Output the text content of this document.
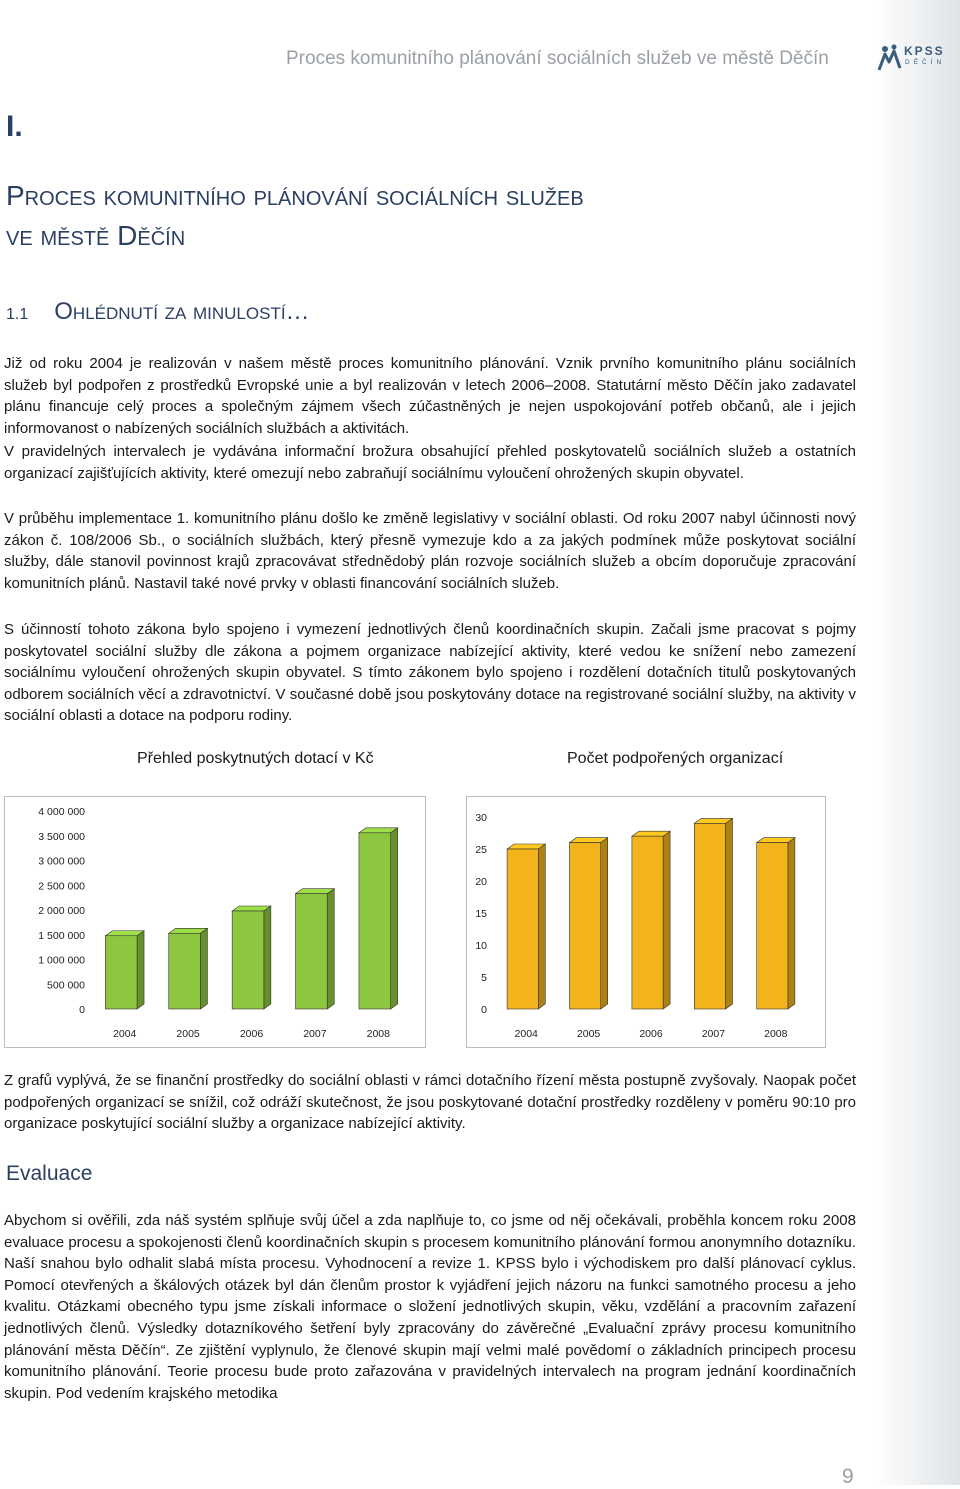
Proces komunitního plánování sociálních služeb ve městě Děčín	KPSS
DĚČÍN
I.
Proces komunitního plánování sociálních služeb
ve městě Děčín
1.1 Ohlédnutí za minulostí…

Již od roku 2004 je realizován v našem městě proces komunitního plánování. Vznik prvního komunitního plánu sociálních služeb byl podpořen z prostředků Evropské unie a byl realizován v letech 2006–2008. Statutární město Děčín jako zadavatel plánu financuje celý proces a společným zájmem všech zúčastněných je nejen uspokojování potřeb občanů, ale i jejich informovanost o nabízených sociálních službách a aktivitách.

V pravidelných intervalech je vydávána informační brožura obsahující přehled poskytovatelů sociálních služeb a ostatních organizací zajišťujících aktivity, které omezují nebo zabraňují sociálnímu vyloučení ohrožených skupin obyvatel.

V průběhu implementace 1. komunitního plánu došlo ke změně legislativy v sociální oblasti. Od roku 2007 nabyl účinnosti nový zákon č. 108/2006 Sb., o sociálních službách, který přesně vymezuje kdo a za jakých podmínek může poskytovat sociální služby, dále stanovil povinnost krajů zpracovávat střednědobý plán rozvoje sociálních služeb a obcím doporučuje zpracování komunitních plánů. Nastavil také nové prvky v oblasti financování sociálních služeb.

S účinností tohoto zákona bylo spojeno i vymezení jednotlivých členů koordinačních skupin. Začali jsme pracovat s pojmy poskytovatel sociální služby dle zákona a pojmem organizace nabízející aktivity, které vedou ke snížení nebo zamezení sociálnímu vyloučení ohrožených skupin obyvatel. S tímto zákonem bylo spojeno i rozdělení dotačních titulů poskytovaných odborem sociálních věcí a zdravotnictví. V současné době jsou poskytovány dotace na registrované sociální služby, na aktivity v sociální oblasti a dotace na podporu rodiny.

Přehled poskytnutých dotací v Kč	Počet podpořených organizací
0
500 000
1 000 000
1 500 000
2 000 000
2 500 000
3 000 000
3 500 000
4 000 000
2004	2005	2006	2007	2008
0
5
10
15
20
25
30
2004	2005	2006	2007	2008

Z grafů vyplývá, že se finanční prostředky do sociální oblasti v rámci dotačního řízení města postupně zvyšovaly. Naopak počet podpořených organizací se snížil, což odráží skutečnost, že jsou poskytované dotační prostředky rozděleny v poměru 90:10 pro organizace poskytující sociální služby a organizace nabízející aktivity.

Evaluace

Abychom si ověřili, zda náš systém splňuje svůj účel a zda naplňuje to, co jsme od něj očekávali, proběhla koncem roku 2008 evaluace procesu a spokojenosti členů koordinačních skupin s procesem komunitního plánování formou anonymního dotazníku. Naší snahou bylo odhalit slabá místa procesu. Vyhodnocení a revize 1. KPSS bylo i východiskem pro další plánovací cyklus. Pomocí otevřených a škálových otázek byl dán členům prostor k vyjádření jejich názoru na funkci samotného procesu a jeho kvalitu. Otázkami obecného typu jsme získali informace o složení jednotlivých skupin, věku, vzdělání a pracovním zařazení jednotlivých členů. Výsledky dotazníkového šetření byly zpracovány do závěrečné „Evaluační zprávy procesu komunitního plánování města Děčín“. Ze zjištění vyplynulo, že členové skupin mají velmi malé povědomí o základních principech procesu komunitního plánování. Teorie procesu bude proto zařazována v pravidelných intervalech na program jednání koordinačních skupin. Pod vedením krajského metodika

9
